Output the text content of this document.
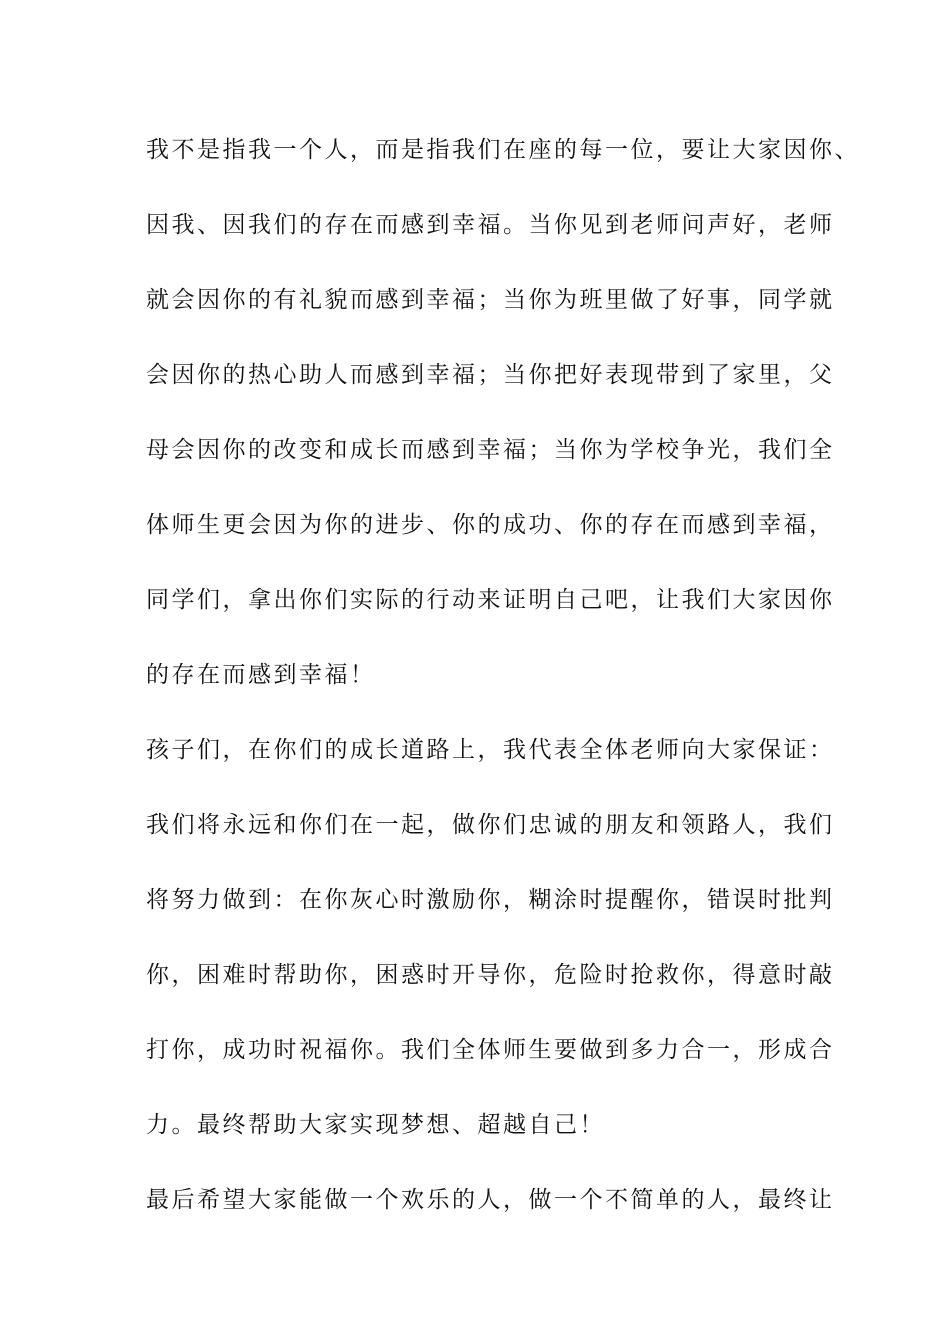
我不是指我一个人，而是指我们在座的每一位，要让大家因你、
因我、因我们的存在而感到幸福。当你见到老师问声好，老师
就会因你的有礼貌而感到幸福；当你为班里做了好事，同学就
会因你的热心助人而感到幸福；当你把好表现带到了家里，父
母会因你的改变和成长而感到幸福；当你为学校争光，我们全
体师生更会因为你的进步、你的成功、你的存在而感到幸福，
同学们，拿出你们实际的行动来证明自己吧，让我们大家因你
的存在而感到幸福！
孩子们，在你们的成长道路上，我代表全体老师向大家保证：
我们将永远和你们在一起，做你们忠诚的朋友和领路人，我们
将努力做到：在你灰心时激励你，糊涂时提醒你，错误时批判
你，困难时帮助你，困惑时开导你，危险时抢救你，得意时敲
打你，成功时祝福你。我们全体师生要做到多力合一，形成合
力。最终帮助大家实现梦想、超越自己！
最后希望大家能做一个欢乐的人，做一个不简单的人，最终让
